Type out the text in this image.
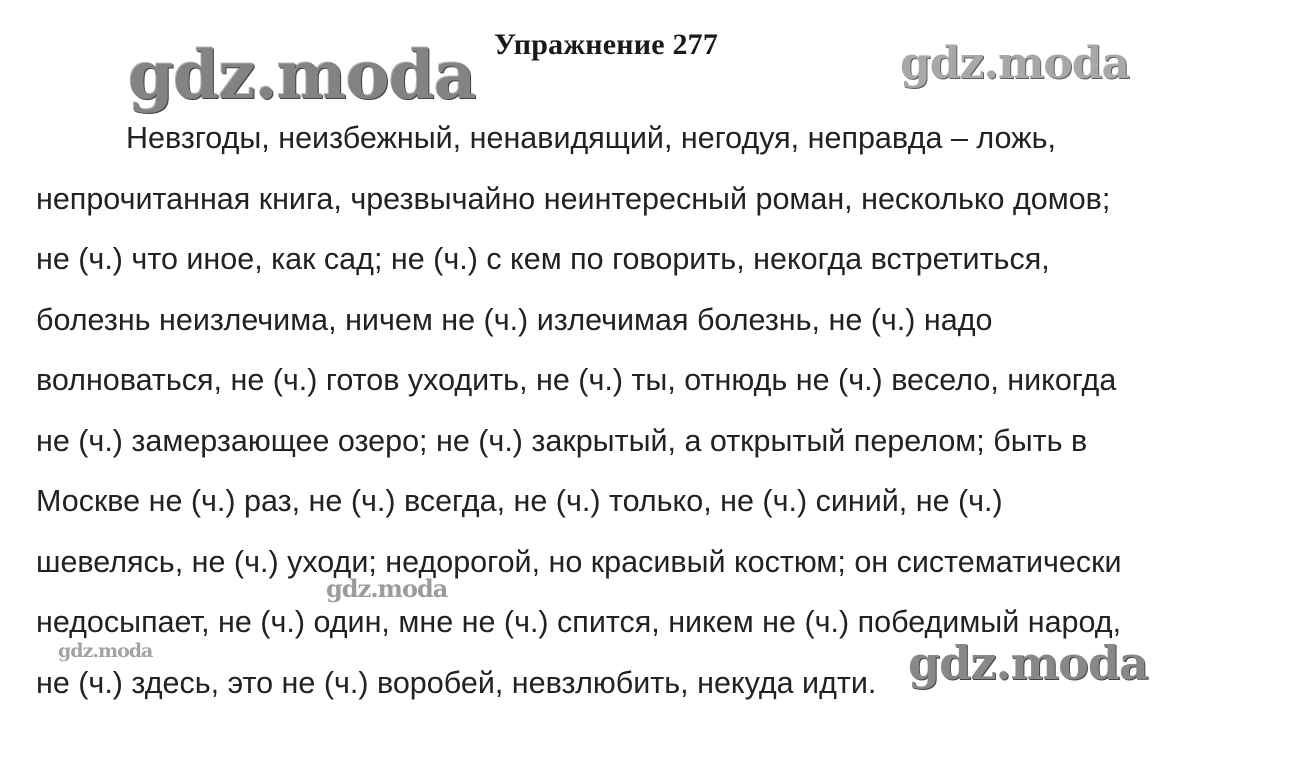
Упражнение 277
Невзгоды, неизбежный, ненавидящий, негодуя, неправда – ложь,
непрочитанная книга, чрезвычайно неинтересный роман, несколько домов;
не (ч.) что иное, как сад; не (ч.) с кем по говорить, некогда встретиться,
болезнь неизлечима, ничем не (ч.) излечимая болезнь, не (ч.) надо
волноваться, не (ч.) готов уходить, не (ч.) ты, отнюдь не (ч.) весело, никогда
не (ч.) замерзающее озеро; не (ч.) закрытый, а открытый перелом; быть в
Москве не (ч.) раз, не (ч.) всегда, не (ч.) только, не (ч.) синий, не (ч.)
шевелясь, не (ч.) уходи; недорогой, но красивый костюм; он систематически
недосыпает, не (ч.) один, мне не (ч.) спится, никем не (ч.) победимый народ,
не (ч.) здесь, это не (ч.) воробей, невзлюбить, некуда идти.
gdz.moda	gdz.moda
gdz.moda
gdz.moda	gdz.moda
